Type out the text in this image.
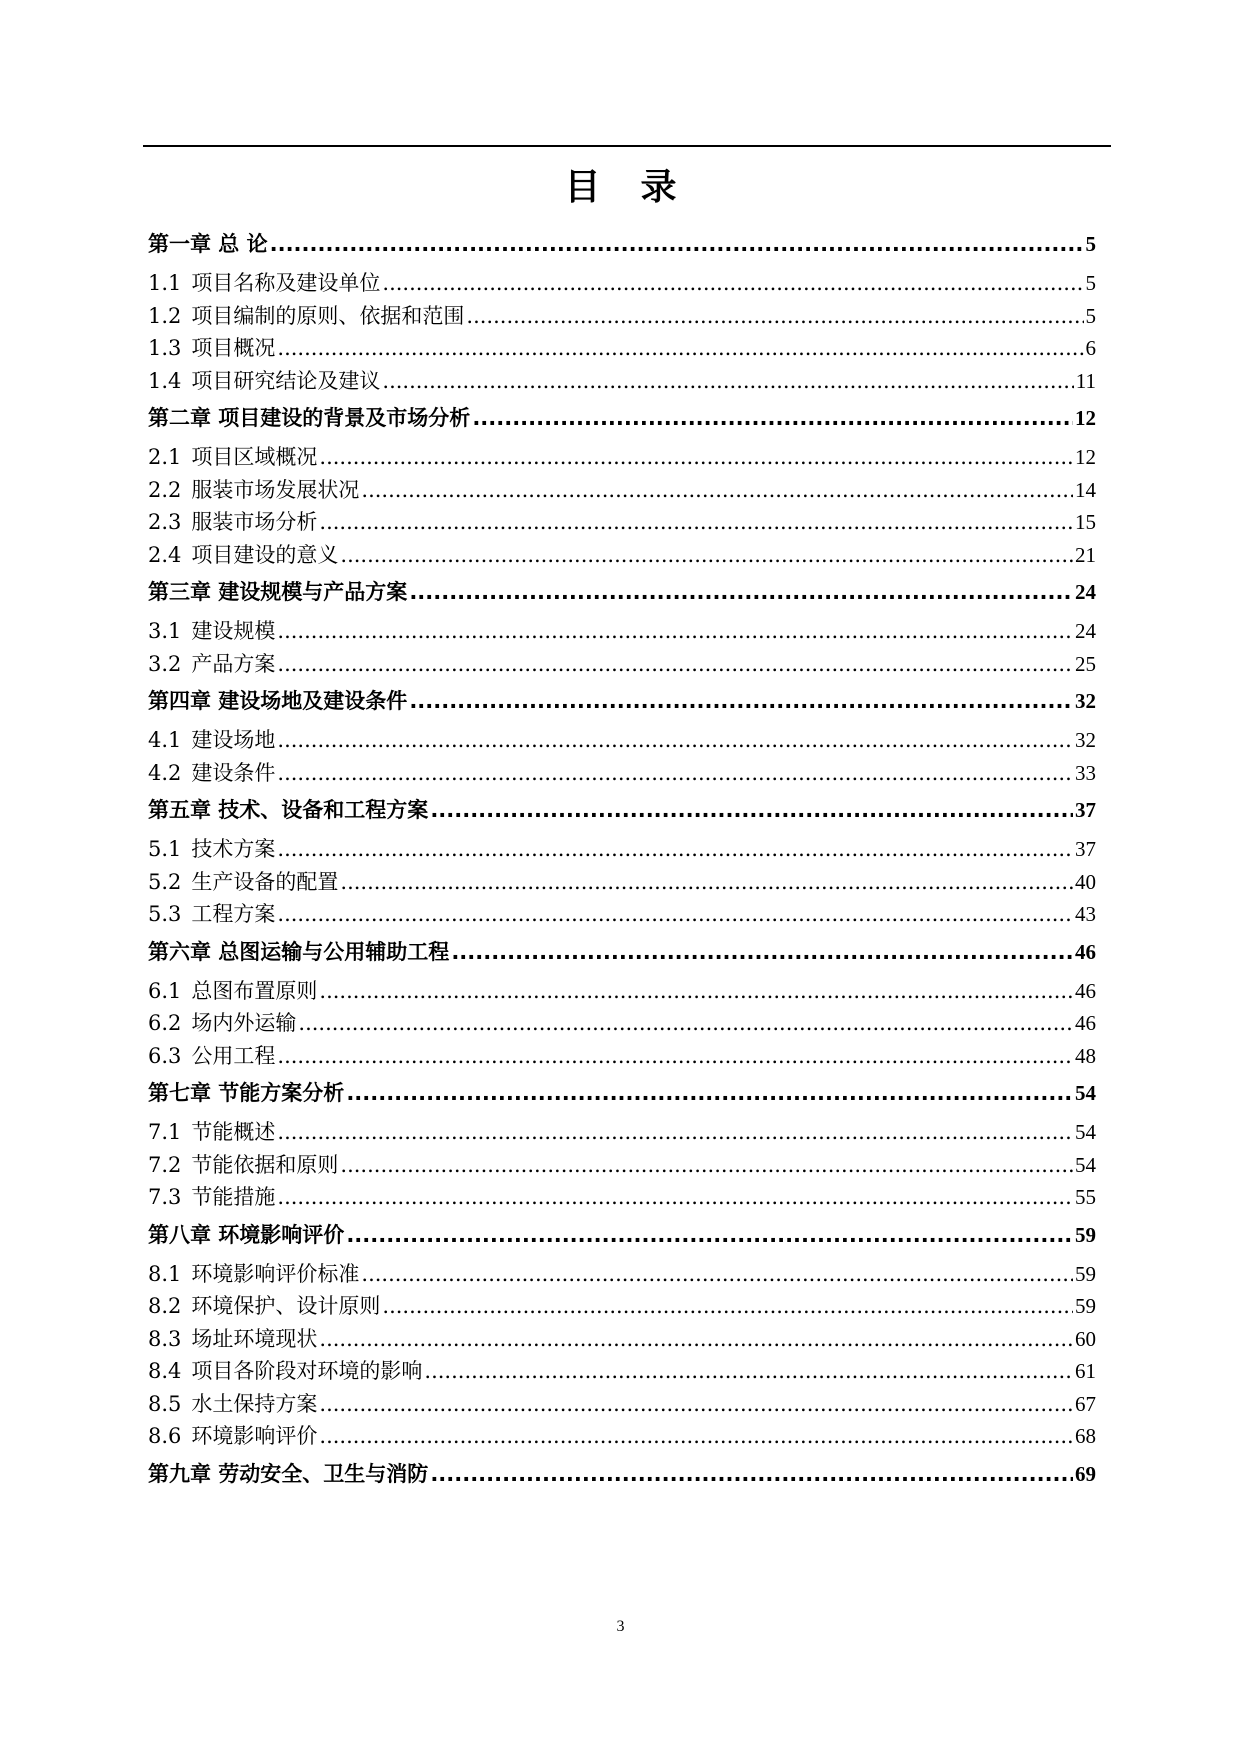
目 录
第一章 总 论 .....	5
1.1 项目名称及建设单位 .....	5
1.2 项目编制的原则、依据和范围 .....	5
1.3 项目概况 .....	6
1.4 项目研究结论及建议 .....	11
第二章 项目建设的背景及市场分析 .....	12
2.1 项目区域概况 .....	12
2.2 服装市场发展状况 .....	14
2.3 服装市场分析 .....	15
2.4 项目建设的意义 .....	21
第三章 建设规模与产品方案 .....	24
3.1 建设规模 .....	24
3.2 产品方案 .....	25
第四章 建设场地及建设条件 .....	32
4.1 建设场地 .....	32
4.2 建设条件 .....	33
第五章 技术、设备和工程方案 .....	37
5.1 技术方案 .....	37
5.2 生产设备的配置 .....	40
5.3 工程方案 .....	43
第六章 总图运输与公用辅助工程 .....	46
6.1 总图布置原则 .....	46
6.2 场内外运输 .....	46
6.3 公用工程 .....	48
第七章 节能方案分析 .....	54
7.1 节能概述 .....	54
7.2 节能依据和原则 .....	54
7.3 节能措施 .....	55
第八章 环境影响评价 .....	59
8.1 环境影响评价标准 .....	59
8.2 环境保护、设计原则 .....	59
8.3 场址环境现状 .....	60
8.4 项目各阶段对环境的影响 .....	61
8.5 水土保持方案 .....	67
8.6 环境影响评价 .....	68
第九章 劳动安全、卫生与消防 .....	69
3
